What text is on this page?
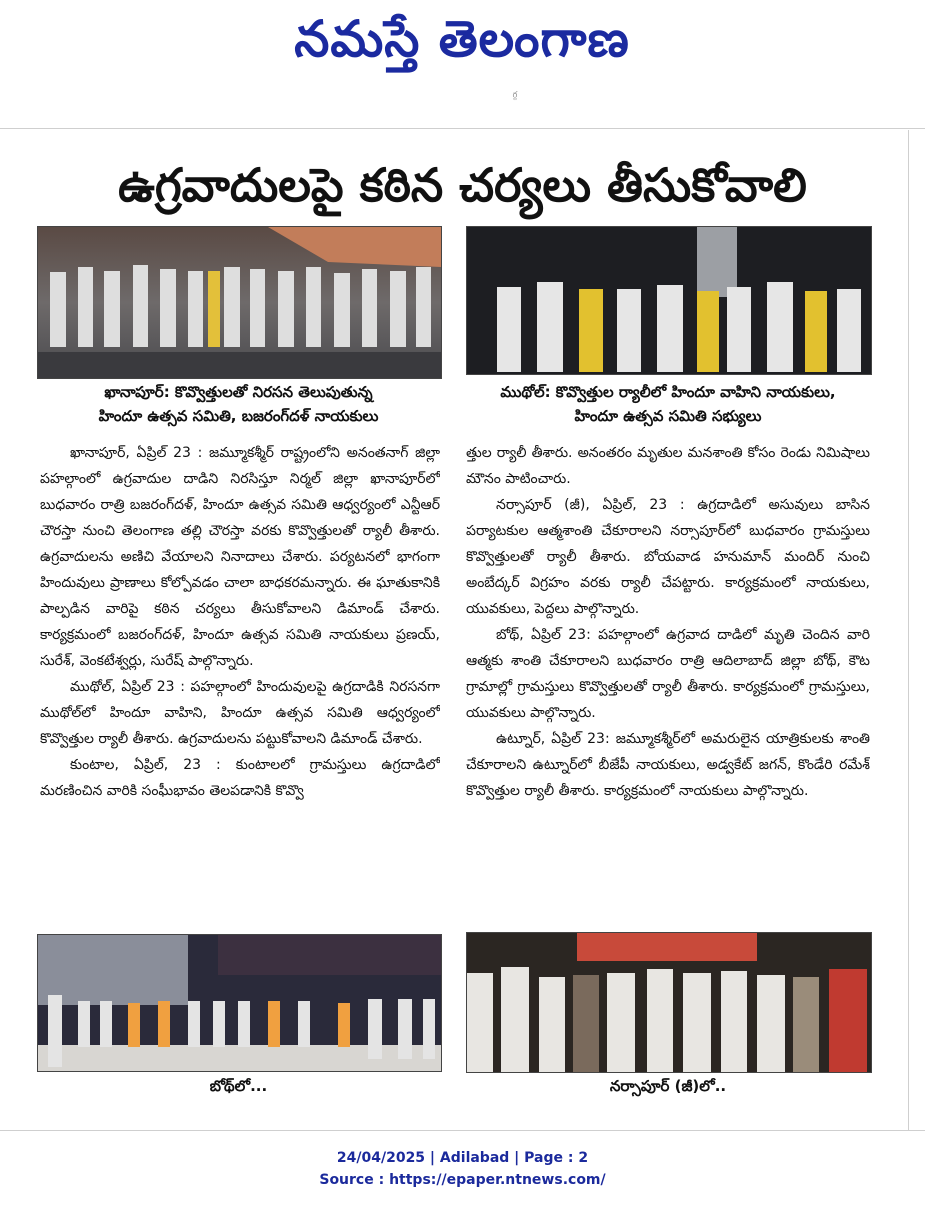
నమస్తే తెలంగాణ
గ్గ
ఉగ్రవాదులపై కఠిన చర్యలు తీసుకోవాలి
ఖానాపూర్: కొవ్వొత్తులతో నిరసన తెలుపుతున్న
హిందూ ఉత్సవ సమితి, బజరంగ్‌దళ్ నాయకులు
ముథోల్: కొవ్వొత్తుల ర్యాలీలో హిందూ వాహిని నాయకులు,
హిందూ ఉత్సవ సమితి సభ్యులు

ఖానాపూర్, ఏప్రిల్ 23 : జమ్మూకశ్మీర్ రాష్ట్రంలోని అనంతనాగ్ జిల్లా పహల్గాంలో ఉగ్రవాదుల దాడిని నిరసిస్తూ నిర్మల్ జిల్లా ఖానాపూర్‌లో బుధవారం రాత్రి బజరంగ్‌దళ్, హిందూ ఉత్సవ సమితి ఆధ్వర్యంలో ఎన్టీఆర్ చౌరస్తా నుంచి తెలంగాణ తల్లి చౌరస్తా వరకు కొవ్వొత్తులతో ర్యాలీ తీశారు. ఉగ్రవాదులను అణిచి వేయాలని నినాదాలు చేశారు. పర్యటనలో భాగంగా హిందువులు ప్రాణాలు కోల్పోవడం చాలా బాధకరమన్నారు. ఈ ఘాతుకానికి పాల్పడిన వారిపై కఠిన చర్యలు తీసుకోవాలని డిమాండ్ చేశారు. కార్యక్రమంలో బజరంగ్‌దళ్, హిందూ ఉత్సవ సమితి నాయకులు ప్రణయ్, సురేశ్, వెంకటేశ్వర్లు, సురేష్ పాల్గొన్నారు.

ముథోల్, ఏప్రిల్ 23 : పహల్గాంలో హిందువులపై ఉగ్రదాడికి నిరసనగా ముథోల్‌లో హిందూ వాహిని, హిందూ ఉత్సవ సమితి ఆధ్వర్యంలో కొవ్వొత్తుల ర్యాలీ తీశారు. ఉగ్రవాదులను పట్టుకోవాలని డిమాండ్ చేశారు.

కుంటాల, ఏప్రిల్, 23 : కుంటాలలో గ్రామస్తులు ఉగ్రదాడిలో మరణించిన వారికి సంఘీభావం తెలపడానికి కొవ్వొ

త్తుల ర్యాలీ తీశారు. అనంతరం మృతుల మనశాంతి కోసం రెండు నిమిషాలు మౌనం పాటించారు.

నర్సాపూర్ (జీ), ఏప్రిల్, 23 : ఉగ్రదాడిలో అసువులు బాసిన పర్యాటకుల ఆత్మశాంతి చేకూరాలని నర్సాపూర్‌లో బుధవారం గ్రామస్తులు కొవ్వొత్తులతో ర్యాలీ తీశారు. బోయవాడ హనుమాన్ మందిర్ నుంచి అంబేద్కర్ విగ్రహం వరకు ర్యాలీ చేపట్టారు. కార్యక్రమంలో నాయకులు, యువకులు, పెద్దలు పాల్గొన్నారు.

బోథ్, ఏప్రిల్ 23: పహల్గాంలో ఉగ్రవాద దాడిలో మృతి చెందిన వారి ఆత్మకు శాంతి చేకూరాలని బుధవారం రాత్రి ఆదిలాబాద్ జిల్లా బోథ్, కౌట గ్రామాల్లో గ్రామస్తులు కొవ్వొత్తులతో ర్యాలీ తీశారు. కార్యక్రమంలో గ్రామస్తులు, యువకులు పాల్గొన్నారు.

ఉట్నూర్, ఏప్రిల్ 23: జమ్మూకశ్మీర్‌లో అమరులైన యాత్రికులకు శాంతి చేకూరాలని ఉట్నూర్‌లో బీజేపీ నాయకులు, అడ్వకేట్ జగన్, కొండేరి రమేశ్ కొవ్వొత్తుల ర్యాలీ తీశారు. కార్యక్రమంలో నాయకులు పాల్గొన్నారు.

బోథ్‌లో...	నర్సాపూర్ (జీ)లో..
24/04/2025 | Adilabad | Page : 2
Source : https://epaper.ntnews.com/
